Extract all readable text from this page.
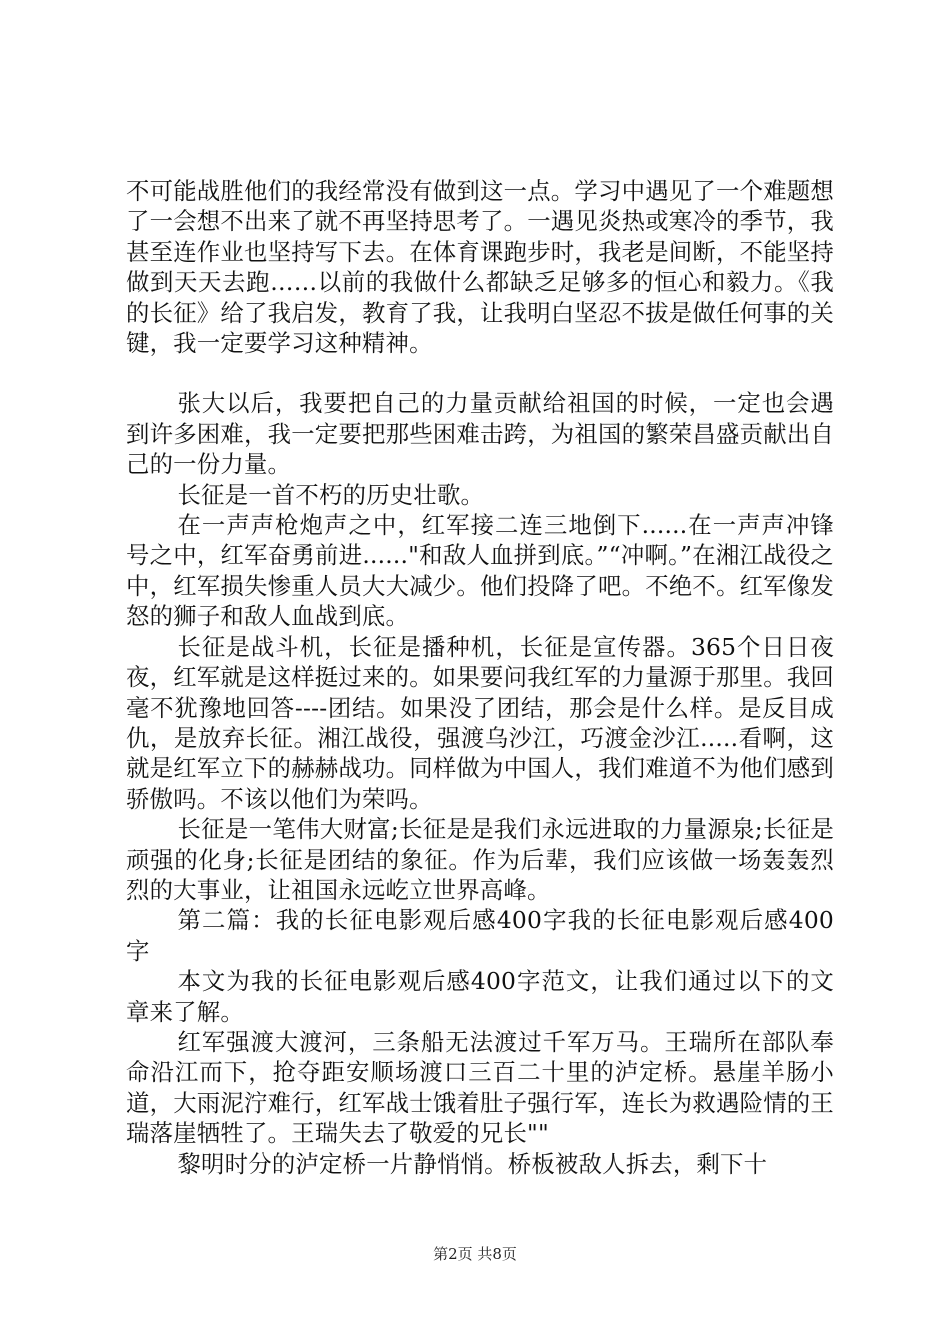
不可能战胜他们的我经常没有做到这一点。学习中遇见了一个难题想了一会想不出来了就不再坚持思考了。一遇见炎热或寒冷的季节，我甚至连作业也坚持写下去。在体育课跑步时，我老是间断，不能坚持做到天天去跑……以前的我做什么都缺乏足够多的恒心和毅力。《我的长征》给了我启发，教育了我，让我明白坚忍不拔是做任何事的关键，我一定要学习这种精神。

张大以后，我要把自己的力量贡献给祖国的时候，一定也会遇到许多困难，我一定要把那些困难击跨，为祖国的繁荣昌盛贡献出自己的一份力量。

长征是一首不朽的历史壮歌。

在一声声枪炮声之中，红军接二连三地倒下......在一声声冲锋号之中，红军奋勇前进......"和敌人血拼到底。”“冲啊。”在湘江战役之中，红军损失惨重人员大大减少。他们投降了吧。不绝不。红军像发怒的狮子和敌人血战到底。

长征是战斗机，长征是播种机，长征是宣传器。365个日日夜夜，红军就是这样挺过来的。如果要问我红军的力量源于那里。我回毫不犹豫地回答----团结。如果没了团结，那会是什么样。是反目成仇，是放弃长征。湘江战役，强渡乌沙江，巧渡金沙江.....看啊，这就是红军立下的赫赫战功。同样做为中国人，我们难道不为他们感到骄傲吗。不该以他们为荣吗。

长征是一笔伟大财富;长征是是我们永远进取的力量源泉;长征是顽强的化身;长征是团结的象征。作为后辈，我们应该做一场轰轰烈烈的大事业，让祖国永远屹立世界高峰。

第二篇：我的长征电影观后感400字我的长征电影观后感400字

本文为我的长征电影观后感400字范文，让我们通过以下的文章来了解。

红军强渡大渡河，三条船无法渡过千军万马。王瑞所在部队奉命沿江而下，抢夺距安顺场渡口三百二十里的泸定桥。悬崖羊肠小道，大雨泥泞难行，红军战士饿着肚子强行军，连长为救遇险情的王瑞落崖牺牲了。王瑞失去了敬爱的兄长""

黎明时分的泸定桥一片静悄悄。桥板被敌人拆去，剩下十

第2页 共8页
